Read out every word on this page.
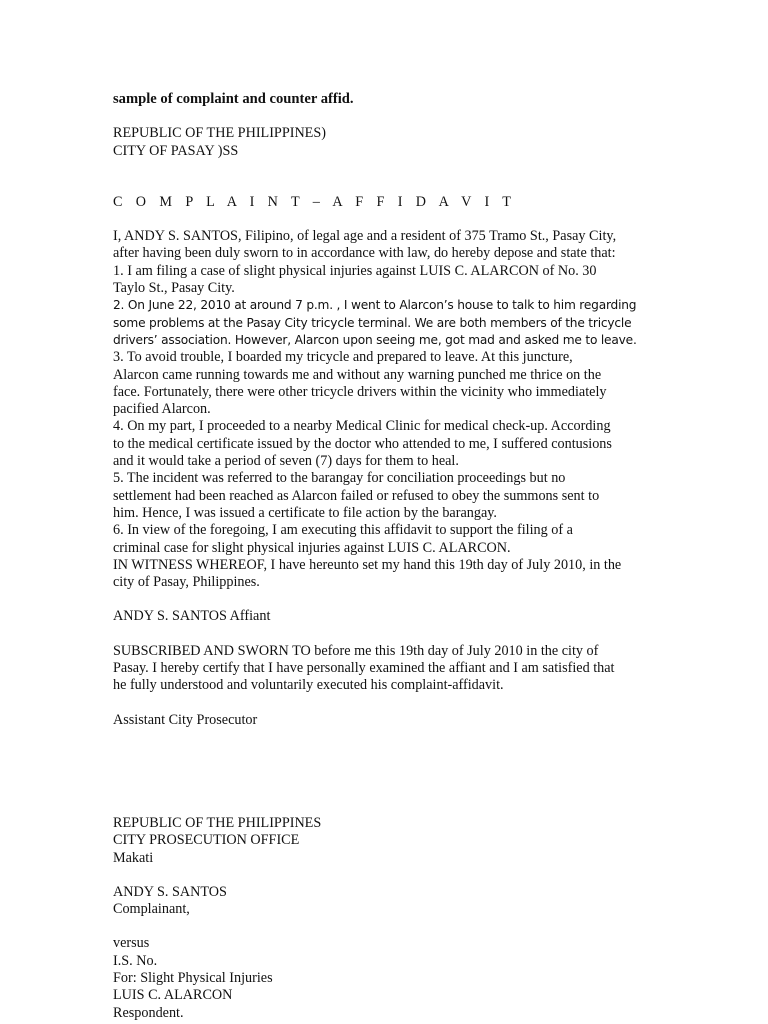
sample of complaint and counter affid.
REPUBLIC OF THE PHILIPPINES)
CITY OF PASAY )SS
C O M P L A I N T – A F F I D A V I T
I, ANDY S. SANTOS, Filipino, of legal age and a resident of 375 Tramo St., Pasay City,
after having been duly sworn to in accordance with law, do hereby depose and state that:
1. I am filing a case of slight physical injuries against LUIS C. ALARCON of No. 30
Taylo St., Pasay City.
2. On June 22, 2010 at around 7 p.m. , I went to Alarcon’s house to talk to him regarding
some problems at the Pasay City tricycle terminal. We are both members of the tricycle
drivers’ association. However, Alarcon upon seeing me, got mad and asked me to leave.
3. To avoid trouble, I boarded my tricycle and prepared to leave. At this juncture,
Alarcon came running towards me and without any warning punched me thrice on the
face. Fortunately, there were other tricycle drivers within the vicinity who immediately
pacified Alarcon.
4. On my part, I proceeded to a nearby Medical Clinic for medical check-up. According
to the medical certificate issued by the doctor who attended to me, I suffered contusions
and it would take a period of seven (7) days for them to heal.
5. The incident was referred to the barangay for conciliation proceedings but no
settlement had been reached as Alarcon failed or refused to obey the summons sent to
him. Hence, I was issued a certificate to file action by the barangay.
6. In view of the foregoing, I am executing this affidavit to support the filing of a
criminal case for slight physical injuries against LUIS C. ALARCON.
IN WITNESS WHEREOF, I have hereunto set my hand this 19th day of July 2010, in the
city of Pasay, Philippines.
ANDY S. SANTOS Affiant
SUBSCRIBED AND SWORN TO before me this 19th day of July 2010 in the city of
Pasay. I hereby certify that I have personally examined the affiant and I am satisfied that
he fully understood and voluntarily executed his complaint-affidavit.
Assistant City Prosecutor
REPUBLIC OF THE PHILIPPINES
CITY PROSECUTION OFFICE
Makati
ANDY S. SANTOS
Complainant,
versus
I.S. No.
For: Slight Physical Injuries
LUIS C. ALARCON
Respondent.
